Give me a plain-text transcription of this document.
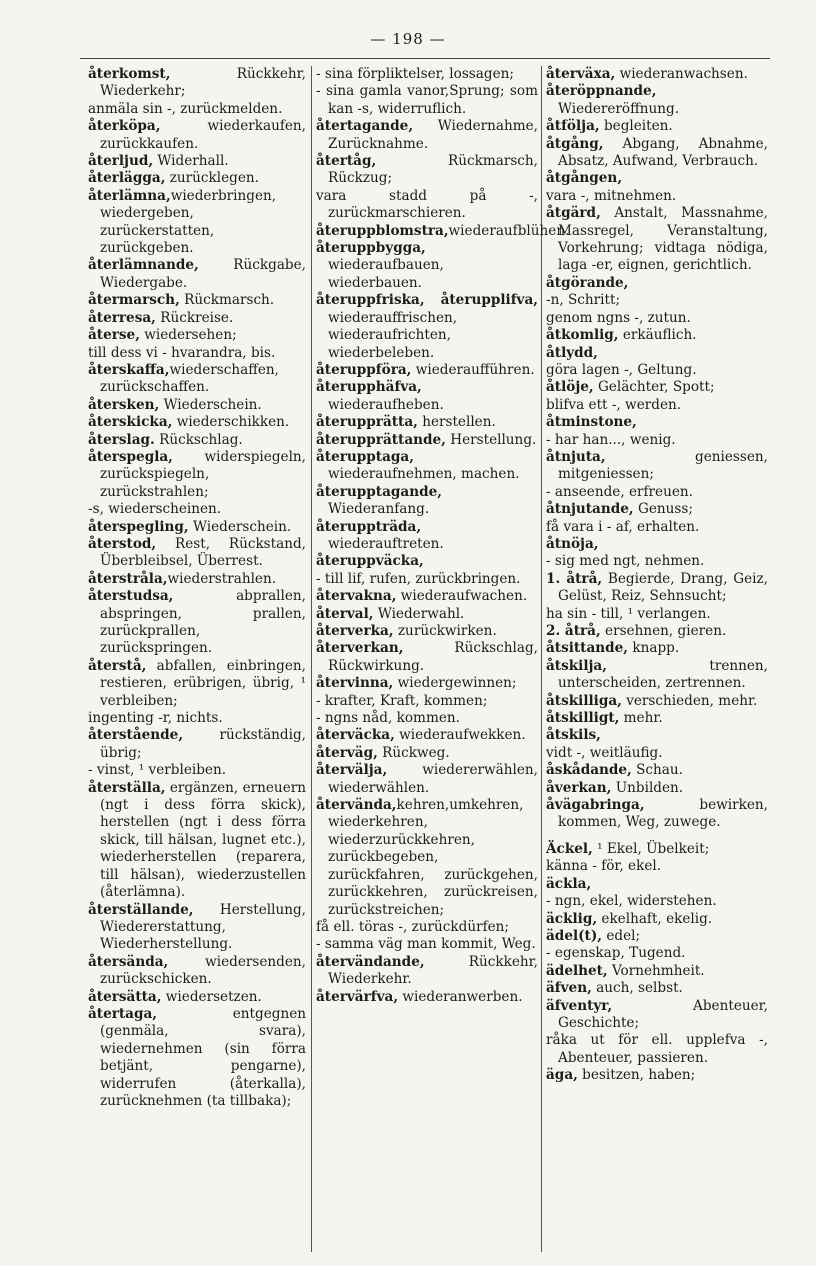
— 198 —

återkomst, Rückkehr, Wiederkehr;

anmäla sin -, zurückmelden.

återköpa, wiederkaufen, zurückkaufen.

återljud, Widerhall.

återlägga, zurücklegen.

återlämna,wiederbringen, wiedergeben, zurückerstatten, zurückgeben.

återlämnande, Rückgabe, Wiedergabe.

återmarsch, Rückmarsch.

återresa, Rückreise.

återse, wiedersehen;

till dess vi - hvarandra, bis.

återskaffa,wiederschaffen, zurückschaffen.

återsken, Wiederschein.

återskicka, wiederschikken.

återslag. Rückschlag.

återspegla, widerspiegeln, zurückspiegeln, zurückstrahlen;

-s, wiederscheinen.

återspegling, Wiederschein.

återstod, Rest, Rückstand, Überbleibsel, Überrest.

återstråla,wiederstrahlen.

återstudsa, abprallen, abspringen, prallen, zurückprallen, zurückspringen.

återstå, abfallen, einbringen, restieren, erübrigen, übrig, ¹ verbleiben;

ingenting -r, nichts.

återstående, rückständig, übrig;

- vinst, ¹ verbleiben.

återställa, ergänzen, erneuern (ngt i dess förra skick), herstellen (ngt i dess förra skick, till hälsan, lugnet etc.), wiederherstellen (reparera, till hälsan), wiederzustellen (återlämna).

återställande, Herstellung, Wiedererstattung, Wiederherstellung.

återsända, wiedersenden, zurückschicken.

återsätta, wiedersetzen.

återtaga, entgegnen (genmäla, svara), wiedernehmen (sin förra betjänt, pengarne), widerrufen (återkalla), zurücknehmen (ta tillbaka);

- sina förpliktelser, lossagen;

- sina gamla vanor,Sprung; som kan -s, widerruflich.

återtagande, Wiedernahme, Zurücknahme.

återtåg, Rückmarsch, Rückzug;

vara stadd på -, zurückmarschieren.

återuppblomstra,wiederaufblühen.

återuppbygga, wiederaufbauen, wiederbauen.

återuppfriska, återupplifva, wiederauffrischen, wiederaufrichten, wiederbeleben.

återuppföra, wiederaufführen.

återupphäfva, wiederaufheben.

återupprätta, herstellen.

återupprättande, Herstellung.

återupptaga, wiederaufnehmen, machen.

återupptagande, Wiederanfang.

återuppträda, wiederauftreten.

återuppväcka,

- till lif, rufen, zurückbringen.

återvakna, wiederaufwachen.

återval, Wiederwahl.

återverka, zurückwirken.

återverkan, Rückschlag, Rückwirkung.

återvinna, wiedergewinnen;

- krafter, Kraft, kommen;

- ngns nåd, kommen.

återväcka, wiederaufwekken.

återväg, Rückweg.

återvälja, wiedererwählen, wiederwählen.

återvända,kehren,umkehren, wiederkehren, wiederzurückkehren, zurückbegeben, zurückfahren, zurückgehen, zurückkehren, zurückreisen, zurückstreichen;

få ell. töras -, zurückdürfen;

- samma väg man kommit, Weg.

återvändande, Rückkehr, Wiederkehr.

återvärfva, wiederanwerben.

återväxa, wiederanwachsen.

återöppnande, Wiedereröffnung.

åtfölja, begleiten.

åtgång, Abgang, Abnahme, Absatz, Aufwand, Verbrauch.

åtgången,

vara -, mitnehmen.

åtgärd, Anstalt, Massnahme, Massregel, Veranstaltung, Vorkehrung; vidtaga nödiga, laga -er, eignen, gerichtlich.

åtgörande,

-n, Schritt;

genom ngns -, zutun.

åtkomlig, erkäuflich.

åtlydd,

göra lagen -, Geltung.

åtlöje, Gelächter, Spott;

blifva ett -, werden.

åtminstone,

- har han..., wenig.

åtnjuta, geniessen, mitgeniessen;

- anseende, erfreuen.

åtnjutande, Genuss;

få vara i - af, erhalten.

åtnöja,

- sig med ngt, nehmen.

1. åtrå, Begierde, Drang, Geiz, Gelüst, Reiz, Sehnsucht;

ha sin - till, ¹ verlangen.

2. åtrå, ersehnen, gieren.

åtsittande, knapp.

åtskilja, trennen, unterscheiden, zertrennen.

åtskilliga, verschieden, mehr.

åtskilligt, mehr.

åtskils,

vidt -, weitläufig.

åskådande, Schau.

åverkan, Unbilden.

åvägabringa, bewirken, kommen, Weg, zuwege.

Äckel, ¹ Ekel, Übelkeit;

känna - för, ekel.

äckla,

- ngn, ekel, widerstehen.

äcklig, ekelhaft, ekelig.

ädel(t), edel;

- egenskap, Tugend.

ädelhet, Vornehmheit.

äfven, auch, selbst.

äfventyr, Abenteuer, Geschichte;

råka ut för ell. upplefva -, Abenteuer, passieren.

äga, besitzen, haben;
